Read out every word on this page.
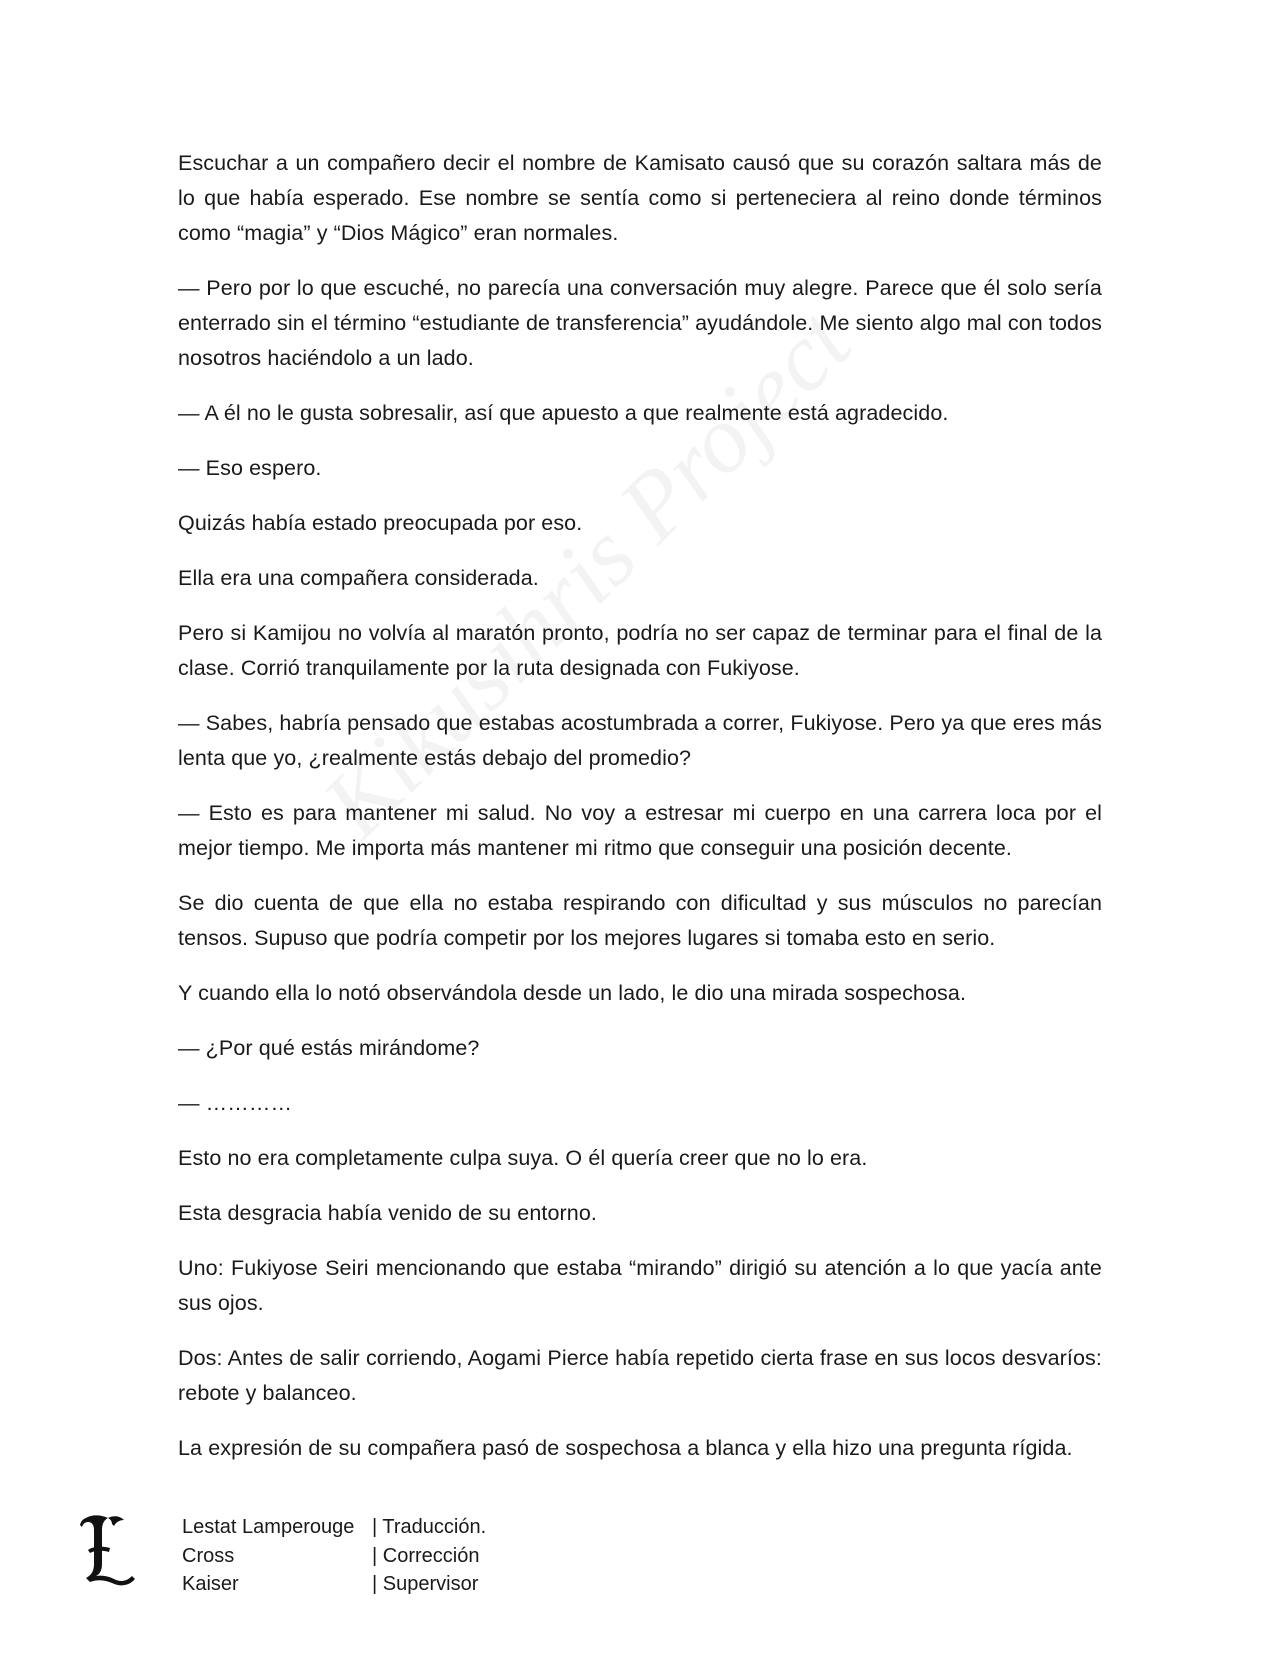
Escuchar a un compañero decir el nombre de Kamisato causó que su corazón saltara más de lo que había esperado. Ese nombre se sentía como si perteneciera al reino donde términos como “magia” y “Dios Mágico” eran normales.

— Pero por lo que escuché, no parecía una conversación muy alegre. Parece que él solo sería enterrado sin el término “estudiante de transferencia” ayudándole. Me siento algo mal con todos nosotros haciéndolo a un lado.

— A él no le gusta sobresalir, así que apuesto a que realmente está agradecido.

— Eso espero.

Quizás había estado preocupada por eso.

Ella era una compañera considerada.

Pero si Kamijou no volvía al maratón pronto, podría no ser capaz de terminar para el final de la clase. Corrió tranquilamente por la ruta designada con Fukiyose.

— Sabes, habría pensado que estabas acostumbrada a correr, Fukiyose. Pero ya que eres más lenta que yo, ¿realmente estás debajo del promedio?

— Esto es para mantener mi salud. No voy a estresar mi cuerpo en una carrera loca por el mejor tiempo. Me importa más mantener mi ritmo que conseguir una posición decente.

Se dio cuenta de que ella no estaba respirando con dificultad y sus músculos no parecían tensos. Supuso que podría competir por los mejores lugares si tomaba esto en serio.

Y cuando ella lo notó observándola desde un lado, le dio una mirada sospechosa.

— ¿Por qué estás mirándome?

— …………

Esto no era completamente culpa suya. O él quería creer que no lo era.

Esta desgracia había venido de su entorno.

Uno: Fukiyose Seiri mencionando que estaba “mirando” dirigió su atención a lo que yacía ante sus ojos.

Dos: Antes de salir corriendo, Aogami Pierce había repetido cierta frase en sus locos desvaríos: rebote y balanceo.

La expresión de su compañera pasó de sospechosa a blanca y ella hizo una pregunta rígida.

Lestat Lamperouge | Traducción.
Cross	| Corrección
Kaiser	| Supervisor
